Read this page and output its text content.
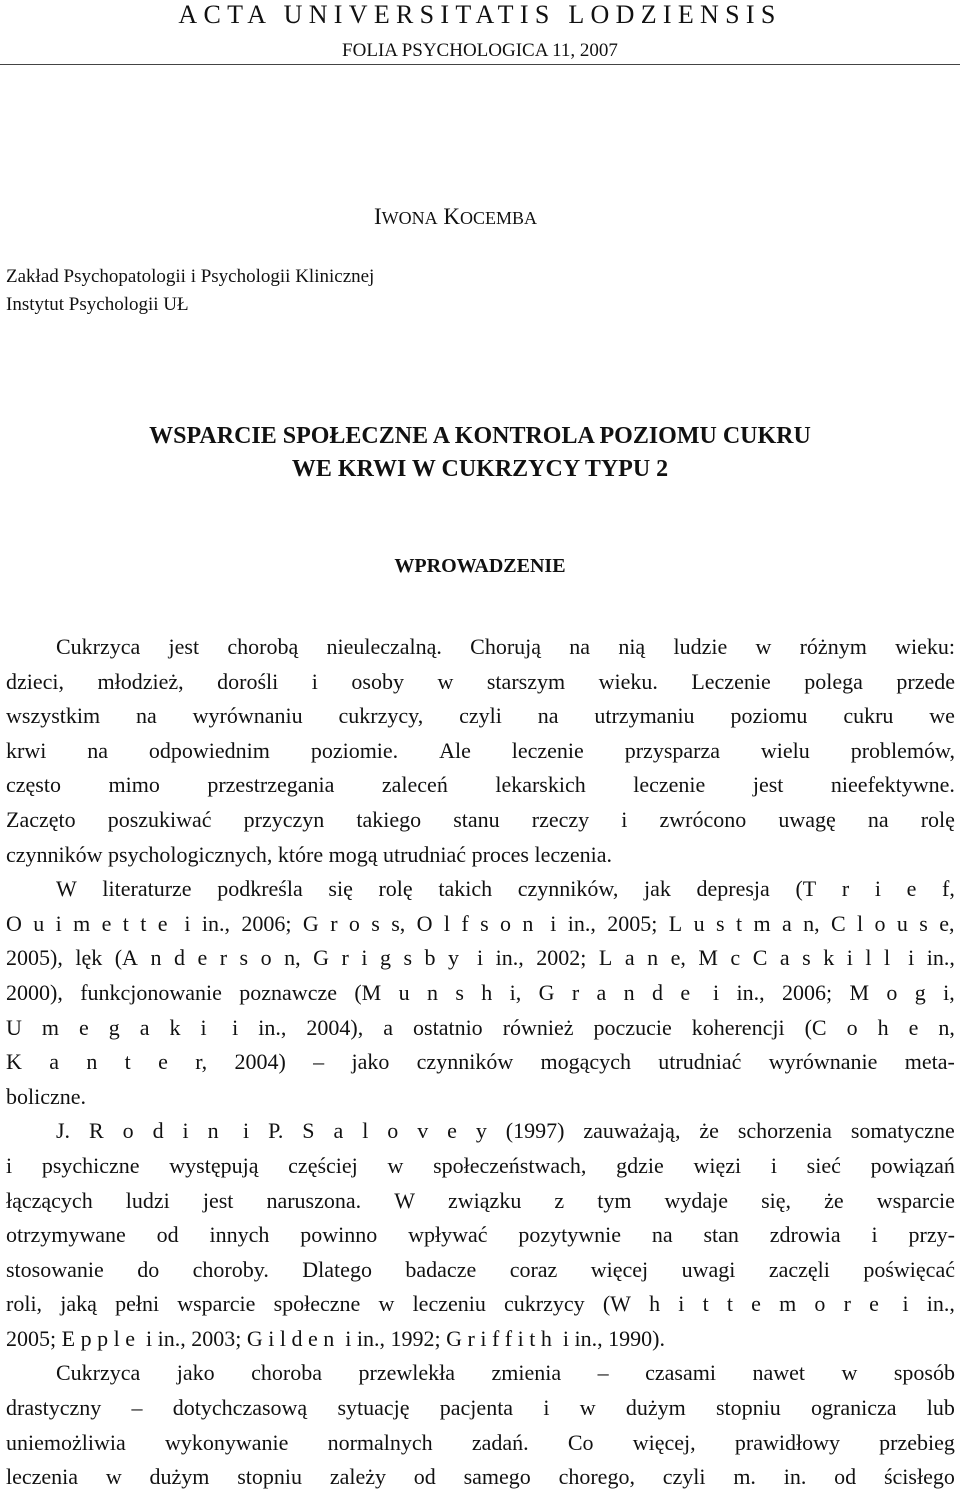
ACTA UNIVERSITATIS LODZIENSIS
FOLIA PSYCHOLOGICA 11, 2007
IWONA KOCEMBA
Zakład Psychopatologii i Psychologii Klinicznej
Instytut Psychologii UŁ
WSPARCIE SPOŁECZNE A KONTROLA POZIOMU CUKRU
WE KRWI W CUKRZYCY TYPU 2
WPROWADZENIE
Cukrzyca jest chorobą nieuleczalną. Chorują na nią ludzie w różnym wieku:
dzieci, młodzież, dorośli i osoby w starszym wieku. Leczenie polega przede
wszystkim na wyrównaniu cukrzycy, czyli na utrzymaniu poziomu cukru we
krwi na odpowiednim poziomie. Ale leczenie przysparza wielu problemów,
często mimo przestrzegania zaleceń lekarskich leczenie jest nieefektywne.
Zaczęto poszukiwać przyczyn takiego stanu rzeczy i zwrócono uwagę na rolę
czynników psychologicznych, które mogą utrudniać proces leczenia.
W literaturze podkreśla się rolę takich czynników, jak depresja (T r i e f,
O u i m e t t e i in., 2006; G r o s s, O l f s o n i in., 2005; L u s t m a n, C l o u s e,
2005), lęk (A n d e r s o n, G r i g s b y i in., 2002; L a n e, M c C a s k i l l i in.,
2000), funkcjonowanie poznawcze (M u n s h i, G r a n d e i in., 2006; M o g i,
U m e g a k i i in., 2004), a ostatnio również poczucie koherencji (C o h e n,
K a n t e r, 2004) – jako czynników mogących utrudniać wyrównanie meta-
boliczne.
J. R o d i n i P. S a l o v e y (1997) zauważają, że schorzenia somatyczne
i psychiczne występują częściej w społeczeństwach, gdzie więzi i sieć powiązań
łączących ludzi jest naruszona. W związku z tym wydaje się, że wsparcie
otrzymywane od innych powinno wpływać pozytywnie na stan zdrowia i przy-
stosowanie do choroby. Dlatego badacze coraz więcej uwagi zaczęli poświęcać
roli, jaką pełni wsparcie społeczne w leczeniu cukrzycy (W h i t t e m o r e i in.,
2005; E p p l e i in., 2003; G i l d e n i in., 1992; G r i f f i t h i in., 1990).
Cukrzyca jako choroba przewlekła zmienia – czasami nawet w sposób
drastyczny – dotychczasową sytuację pacjenta i w dużym stopniu ogranicza lub
uniemożliwia wykonywanie normalnych zadań. Co więcej, prawidłowy przebieg
leczenia w dużym stopniu zależy od samego chorego, czyli m. in. od ścisłego
